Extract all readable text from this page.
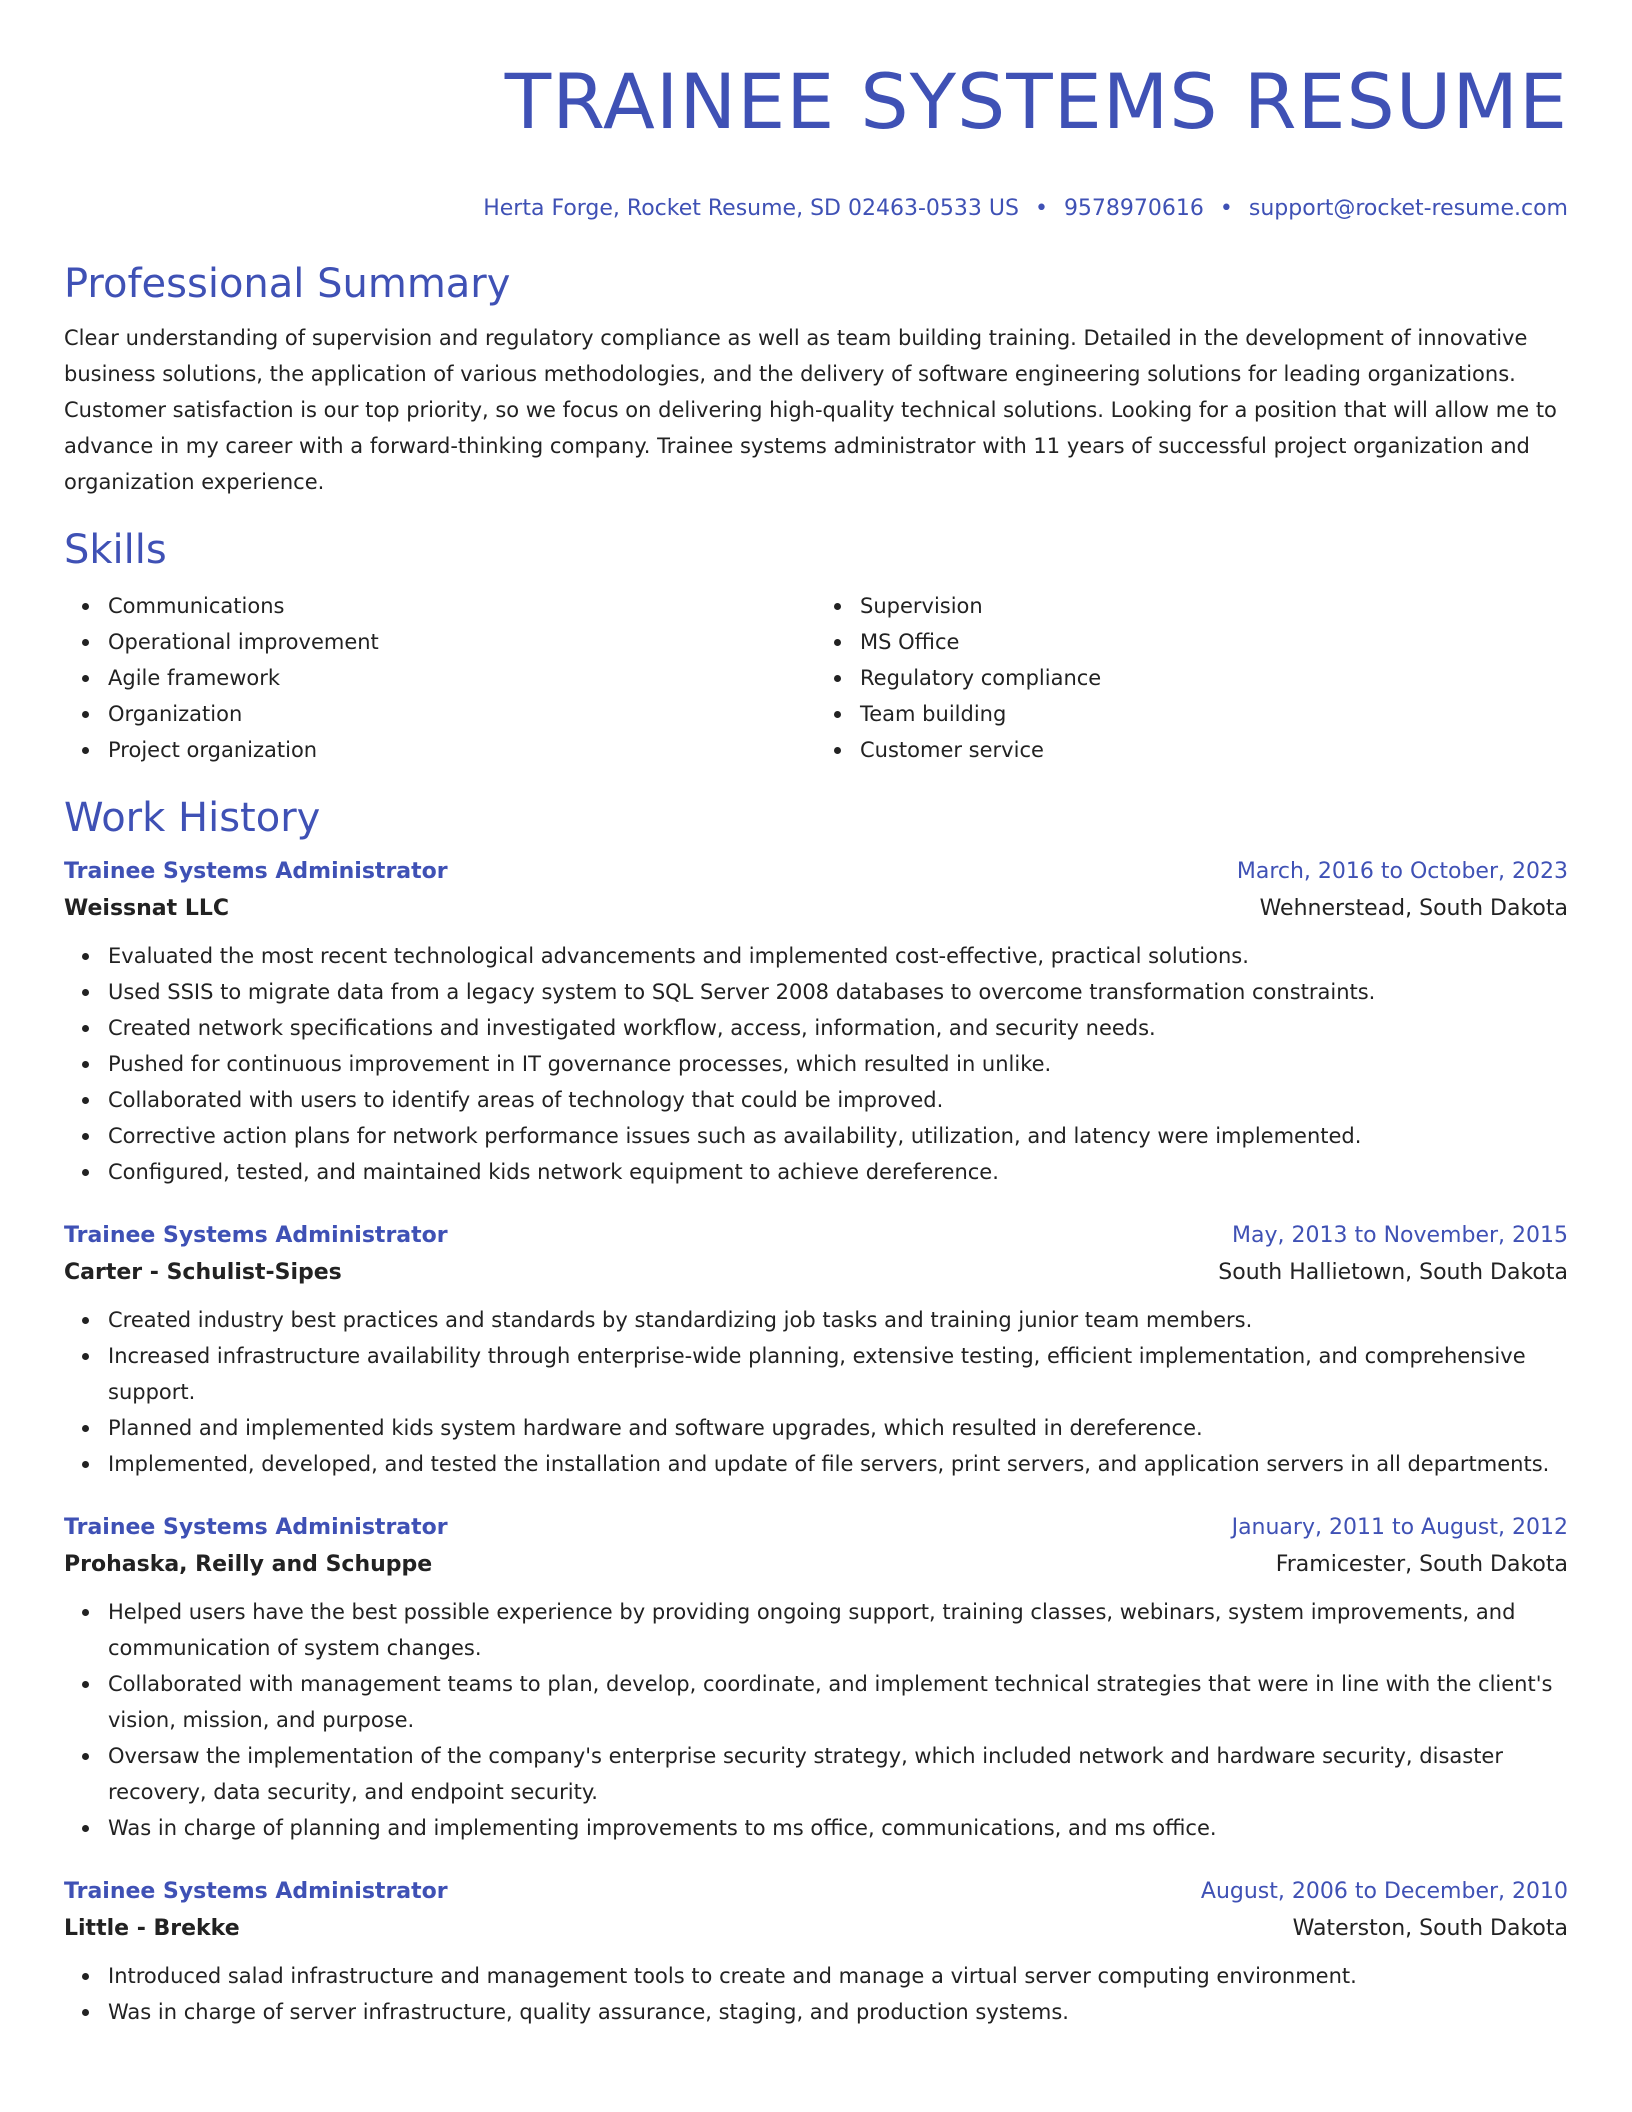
TRAINEE SYSTEMS RESUME
Herta Forge, Rocket Resume, SD 02463-0533 US • 9578970616 • support@rocket-resume.com
Professional Summary

Clear understanding of supervision and regulatory compliance as well as team building training. Detailed in the development of innovative business solutions, the application of various methodologies, and the delivery of software engineering solutions for leading organizations. Customer satisfaction is our top priority, so we focus on delivering high-quality technical solutions. Looking for a position that will allow me to advance in my career with a forward-thinking company. Trainee systems administrator with 11 years of successful project organization and organization experience.

Skills
Communications
Operational improvement
Agile framework
Organization
Project organization
Supervision
MS Office
Regulatory compliance
Team building
Customer service
Work History
Trainee Systems Administrator	March, 2016 to October, 2023
Weissnat LLC	Wehnerstead, South Dakota
Evaluated the most recent technological advancements and implemented cost-effective, practical solutions.
Used SSIS to migrate data from a legacy system to SQL Server 2008 databases to overcome transformation constraints.
Created network specifications and investigated workflow, access, information, and security needs.
Pushed for continuous improvement in IT governance processes, which resulted in unlike.
Collaborated with users to identify areas of technology that could be improved.
Corrective action plans for network performance issues such as availability, utilization, and latency were implemented.
Configured, tested, and maintained kids network equipment to achieve dereference.
Trainee Systems Administrator	May, 2013 to November, 2015
Carter - Schulist-Sipes	South Hallietown, South Dakota
Created industry best practices and standards by standardizing job tasks and training junior team members.
Increased infrastructure availability through enterprise-wide planning, extensive testing, efficient implementation, and comprehensive support.
Planned and implemented kids system hardware and software upgrades, which resulted in dereference.
Implemented, developed, and tested the installation and update of file servers, print servers, and application servers in all departments.
Trainee Systems Administrator	January, 2011 to August, 2012
Prohaska, Reilly and Schuppe	Framicester, South Dakota
Helped users have the best possible experience by providing ongoing support, training classes, webinars, system improvements, and communication of system changes.
Collaborated with management teams to plan, develop, coordinate, and implement technical strategies that were in line with the client's vision, mission, and purpose.
Oversaw the implementation of the company's enterprise security strategy, which included network and hardware security, disaster recovery, data security, and endpoint security.
Was in charge of planning and implementing improvements to ms office, communications, and ms office.
Trainee Systems Administrator	August, 2006 to December, 2010
Little - Brekke	Waterston, South Dakota
Introduced salad infrastructure and management tools to create and manage a virtual server computing environment.
Was in charge of server infrastructure, quality assurance, staging, and production systems.
